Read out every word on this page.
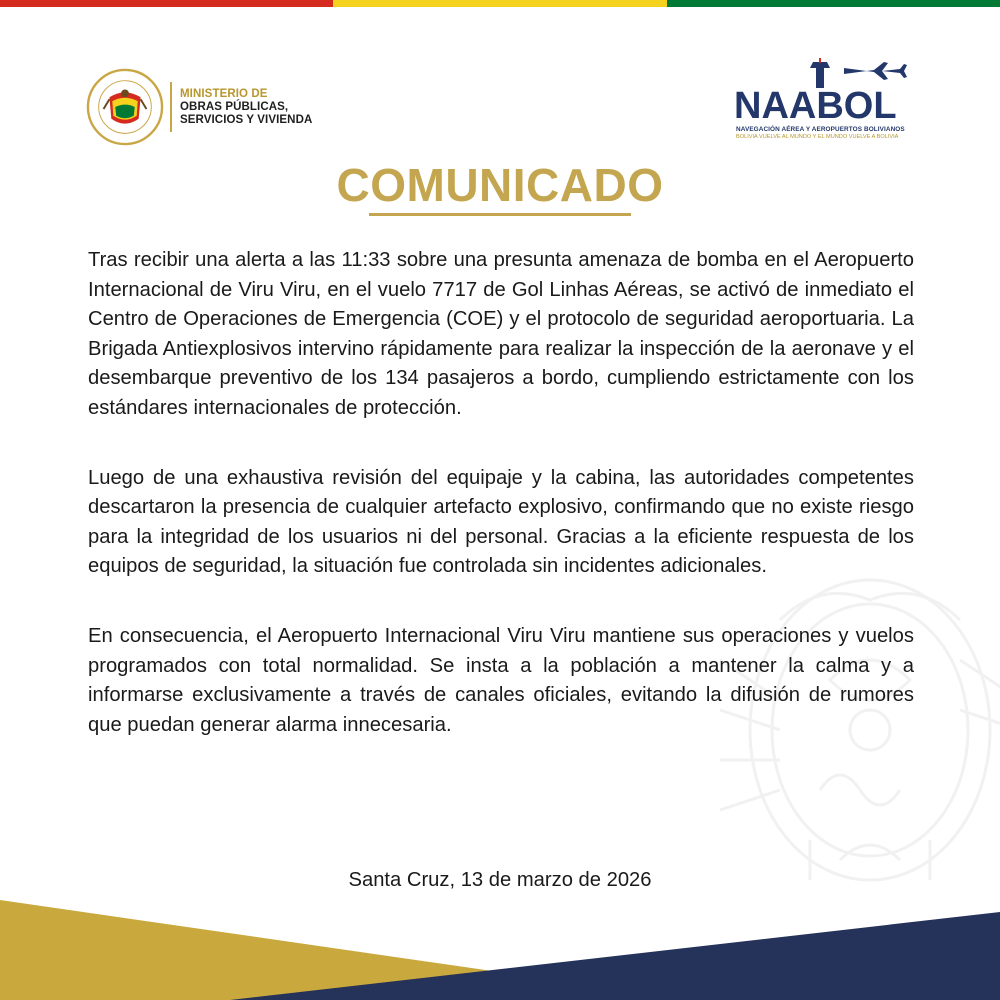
MINISTERIO DE
OBRAS PÚBLICAS,
SERVICIOS Y VIVIENDA	NAABOL
NAVEGACIÓN AÉREA Y AEROPUERTOS BOLIVIANOS
BOLIVIA VUELVE AL MUNDO Y EL MUNDO VUELVE A BOLIVIA
COMUNICADO

Tras recibir una alerta a las 11:33 sobre una presunta amenaza de bomba en el Aeropuerto Internacional de Viru Viru, en el vuelo 7717 de Gol Linhas Aéreas, se activó de inmediato el Centro de Operaciones de Emergencia (COE) y el protocolo de seguridad aeroportuaria. La Brigada Antiexplosivos intervino rápidamente para realizar la inspección de la aeronave y el desembarque preventivo de los 134 pasajeros a bordo, cumpliendo estrictamente con los estándares internacionales de protección.

Luego de una exhaustiva revisión del equipaje y la cabina, las autoridades competentes descartaron la presencia de cualquier artefacto explosivo, confirmando que no existe riesgo para la integridad de los usuarios ni del personal. Gracias a la eficiente respuesta de los equipos de seguridad, la situación fue controlada sin incidentes adicionales.

En consecuencia, el Aeropuerto Internacional Viru Viru mantiene sus operaciones y vuelos programados con total normalidad. Se insta a la población a mantener la calma y a informarse exclusivamente a través de canales oficiales, evitando la difusión de rumores que puedan generar alarma innecesaria.

Santa Cruz, 13 de marzo de 2026
